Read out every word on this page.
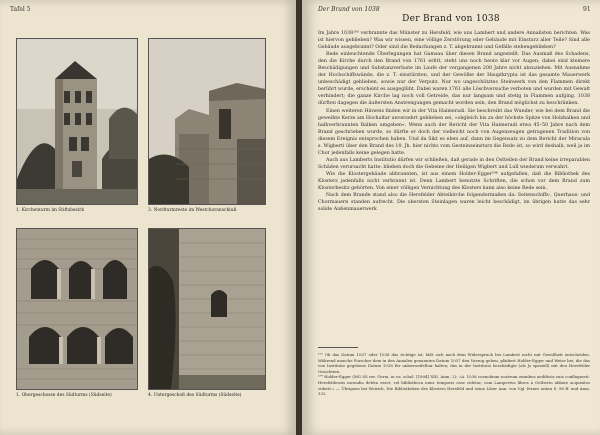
Tafel 5
1. Kirchenturm im Stiftsbezirk	3. Nordturmreste im Westchoranschluß
1. Obergeschosse des Südturms (Südseite)	4. Untergeschoß des Südturms (Südseite)
Der Brand von 1038	91
Der Brand von 1038

Im Jahre 1038¹⁹³ verbrannte das Münster zu Hersfeld, wie uns Lambert und andere Annalisten berichten. Was ist hiervon geblieben? Was wir wissen, eine völlige Zerstörung oder Gebäude mit Einsturz aller Teile? Sind alle Gebäude ausgebrannt? Oder sind die Bedachungen z. T. abgebrannt und Gefälle stehengeblieben?

Rede einleuchtende Überlegungen hat Gamsau über diesen Brand angestellt. Das Ausmaß des Schadens, den die Kirche durch den Brand von 1761 erlitt, steht uns noch heute klar vor Augen; dabei sind kleinere Beschädigungen und Substanzverluste im Laufe der vergangenen 200 Jahre nicht abzuziehen. Mit Ausnahme der Hochschiffswände, die z. T. einstürzten, und der Gewölbe der Hauptkrypta ist das gesamte Mauerwerk unbeschädigt geblieben, sowie nur der Verputz. Nur wo ungeschütztes Steinwerk von den Flammen direkt berührt wurde, erscheint es ausgeglüht. Dabei waren 1761 alle Löschversuche verboten und wurden mit Gewalt verhindert; die ganze Kirche lag noch voll Getreide, das nur langsam und stetig in Flammen aufging. 1038 dürften dagegen die äußersten Anstrengungen gemacht worden sein, den Brand möglichst zu beschränken.

Einen weiteren Hinweis finden wir in der Vita Haimeradi. Sie beschreibt das Wunder, wie bei dem Brand die geweihte Kerze am Hochaltar unversehrt geblieben sei, »obgleich bis zu der höchste Spitze von Holzbalken und halbverbrannten Balken umgeben«. Wenn auch der Bericht der Vita Haimeradi etwa 45–50 Jahre nach dem Brand geschrieben wurde, so dürfte er doch der vielleicht noch von Augenzeugen getragenen Tradition von diesem Ereignis entsprochen haben. Und da Sikt es eben auf, dann im Gegensatz zu dem Bericht der Miracula s. Wigberti über den Brand des 10. Jh. hier nichts vom Gesteinseinsturz die Rede ist, so wird deshalb, weil ja im Chor jedenfalls keine gelegen hatte.

Auch aus Lamberts Institutio dürfen wir schließen, daß gerade in den Ostteilen der Brand keine irreparablen Schäden verursacht hatte: blieben doch die Gebeine der Heiligen Wigbert und Lull wiederum verwahrt.

Wie die Klostergebäude abbrannten, ist aus einem Holder-Egger¹⁹⁴ aufgefallen, daß die Bibliothek des Klosters jedenfalls nicht verbrannt ist. Denn Lambert benutzte Schriften, die schon vor dem Brand zum Klosterbesitz gehörten. Von einer völligen Vernichtung des Klosters kann also keine Rede sein.

Nach dem Brande stand also die Hersfelder Abteikirche folgendermaßen da: Seitenschiffs-, Querhaus- und Chormauern standen aufrecht. Die obersten Steinlagen waren leicht beschädigt, im übrigen hatte das sehr solide Außenmauerwerk

¹⁹³ Ob das Datum 1037 oder 1038 das richtige ist, läßt sich nach dem Widerspruch bei Lambert nicht mit Gewißheit entscheiden. Während manche Forscher dem in den Annalen genannten Datum 1037 den Vorzug geben, plädiert Holder-Egger und Weise bei, die das von Institutio gegebene Datum 1038 für unbezweifelbar halten; das in der Institutio beschädigte (als Js speziell) mit den Hersfelder Gesichtern.

¹⁹⁴ Holder-Egger (MG SS rer. Germ. in us. schol. [1894] XIII, Anm. 2): »A. 1038 coenobium nostrum omnibus aedificiis suis conflagravit. Hersfeldensis incendio deleta esset, vel bibliotheca nunc temporis esse videtur, cum Lampertus libros a Gotberto abbate acquisitos viderit.« — Übrigens bei Weirich, Die Bibliotheken des Klosters Hersfeld und seine Liber Ann. von Vgl. ferner unten S. 98 ff. und Anm. 132.
